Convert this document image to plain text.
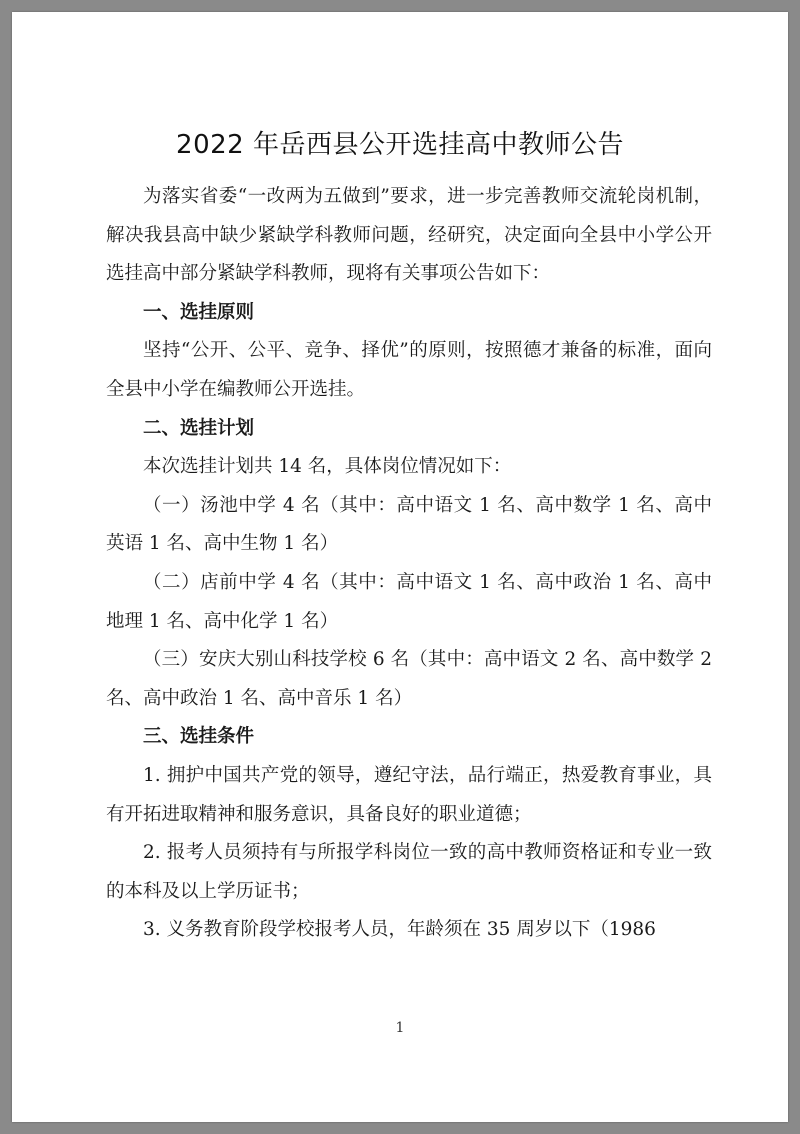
2022 年岳西县公开选挂高中教师公告

为落实省委“一改两为五做到”要求，进一步完善教师交流轮岗机制，解决我县高中缺少紧缺学科教师问题，经研究，决定面向全县中小学公开选挂高中部分紧缺学科教师，现将有关事项公告如下：

一、选挂原则

坚持“公开、公平、竞争、择优”的原则，按照德才兼备的标准，面向全县中小学在编教师公开选挂。

二、选挂计划

本次选挂计划共 14 名，具体岗位情况如下：

（一）汤池中学 4 名（其中：高中语文 1 名、高中数学 1 名、高中英语 1 名、高中生物 1 名）

（二）店前中学 4 名（其中：高中语文 1 名、高中政治 1 名、高中地理 1 名、高中化学 1 名）

（三）安庆大别山科技学校 6 名（其中：高中语文 2 名、高中数学 2 名、高中政治 1 名、高中音乐 1 名）

三、选挂条件

1. 拥护中国共产党的领导，遵纪守法，品行端正，热爱教育事业，具有开拓进取精神和服务意识，具备良好的职业道德；

2. 报考人员须持有与所报学科岗位一致的高中教师资格证和专业一致的本科及以上学历证书；

3. 义务教育阶段学校报考人员，年龄须在 35 周岁以下（1986

1
